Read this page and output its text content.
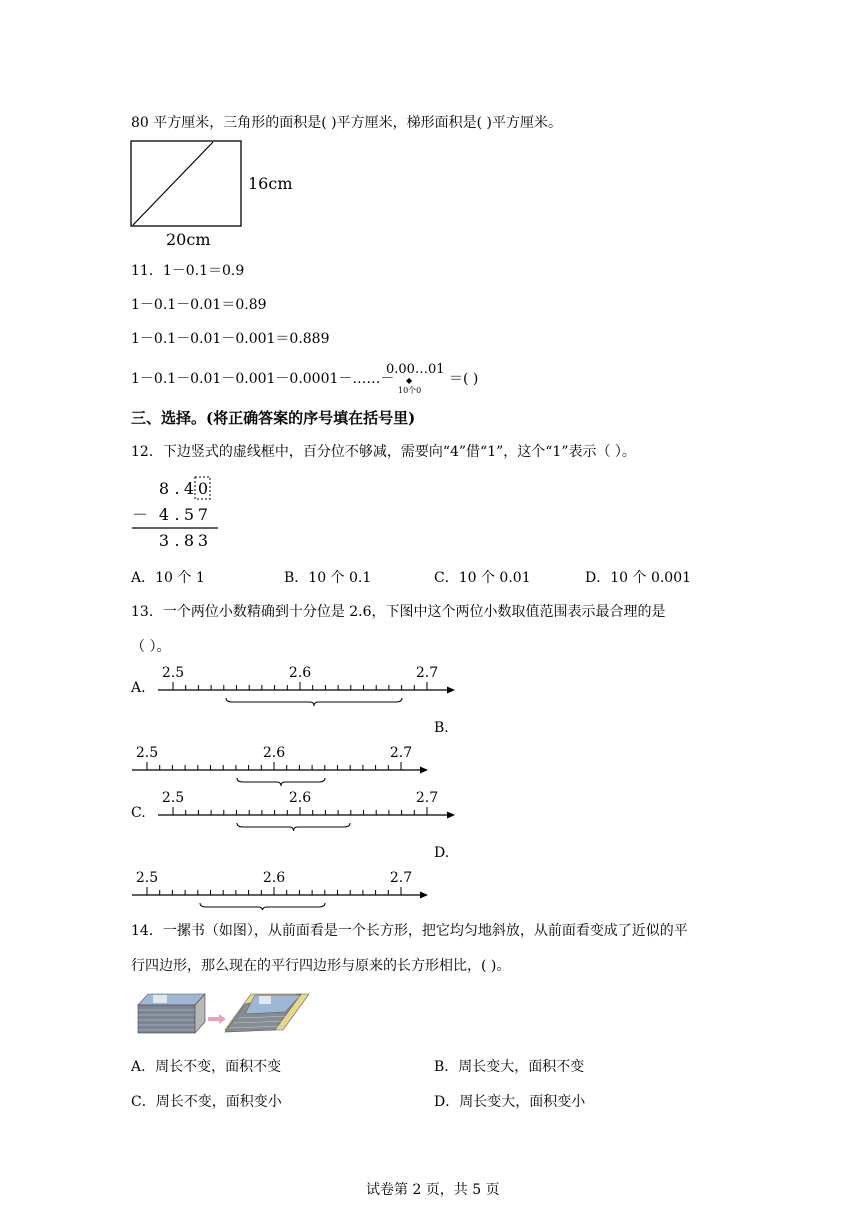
80 平方厘米，三角形的面积是( )平方厘米，梯形面积是( )平方厘米。
16cm
20cm
11．1－0.1＝0.9
1－0.1－0.01＝0.89
1－0.1－0.01－0.001＝0.889
1－0.1－0.01－0.001－0.0001－……－
0.00…01
◆
10个0
＝( )
三、选择。(将正确答案的序号填在括号里)
12．下边竖式的虚线框中，百分位不够减，需要向“4”借“1”，这个“1”表示（ ）。
8 . 4 0
－ 4 . 5 7
3 . 8 3
A．10 个 1	B．10 个 0.1	C．10 个 0.01	D．10 个 0.001
13．一个两位小数精确到十分位是 2.6，下图中这个两位小数取值范围表示最合理的是
（ ）。
A.
B.
C.
D.
2.5	2.6	2.7
2.5	2.6	2.7
2.5	2.6	2.7
2.5	2.6	2.7
14．一摞书（如图），从前面看是一个长方形，把它均匀地斜放，从前面看变成了近似的平
行四边形，那么现在的平行四边形与原来的长方形相比，( )。
A．周长不变，面积不变	B．周长变大，面积不变
C．周长不变，面积变小	D．周长变大，面积变小
试卷第 2 页，共 5 页
